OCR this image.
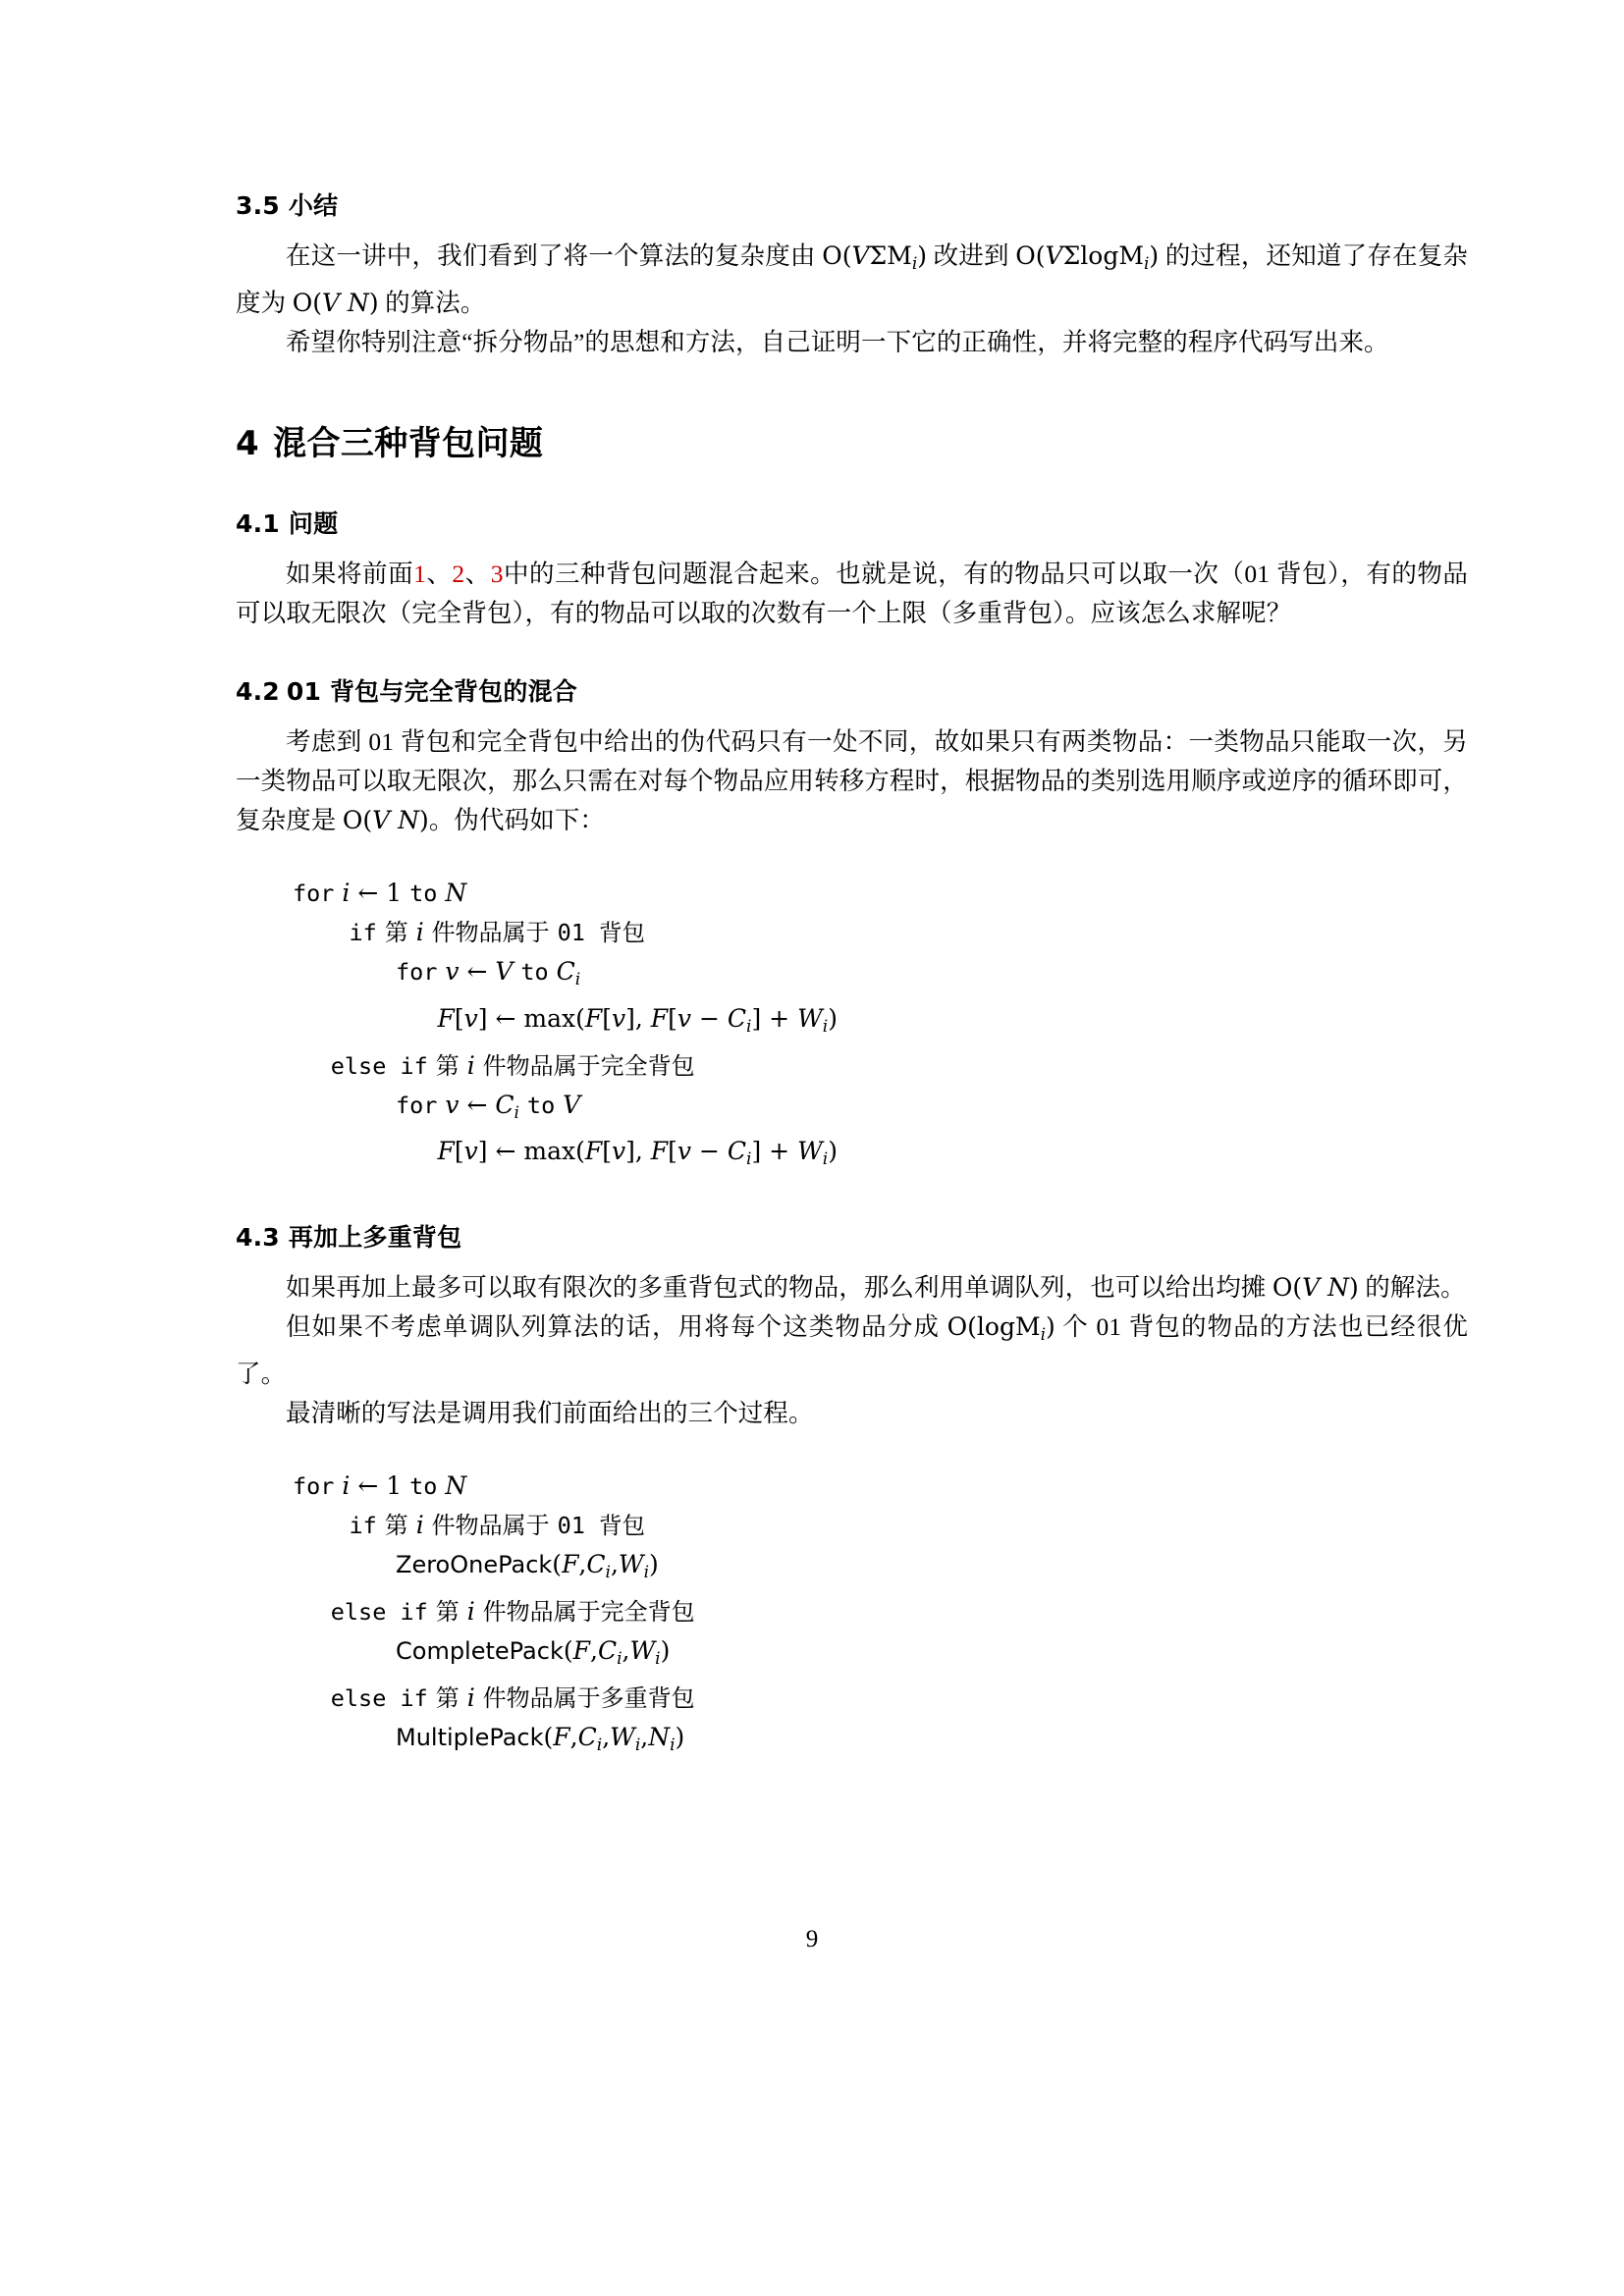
3.5 小结

在这一讲中，我们看到了将一个算法的复杂度由 $O(V\Sigma M_i)$ 改进到 O(VΣlogM$_i$) 的过程，还知道了存在复杂度为 O(V N) 的算法。

希望你特别注意“拆分物品”的思想和方法，自己证明一下它的正确性，并将完整的程序代码写出来。

4 混合三种背包问题
4.1 问题

如果将前面1、2、3中的三种背包问题混合起来。也就是说，有的物品只可以取一次（01 背包），有的物品可以取无限次（完全背包），有的物品可以取的次数有一个上限（多重背包）。应该怎么求解呢？

4.2 01 背包与完全背包的混合

考虑到 01 背包和完全背包中给出的伪代码只有一处不同，故如果只有两类物品：一类物品只能取一次，另一类物品可以取无限次，那么只需在对每个物品应用转移方程时，根据物品的类别选用顺序或逆序的循环即可，复杂度是 O(V N)。伪代码如下：

for i ← 1 to N
if 第 i 件物品属于 01 背包
for v ← V to Ci
F[v] ← max(F[v], F[v − Ci] + Wi)
else if 第 i 件物品属于完全背包
for v ← Ci to V
F[v] ← max(F[v], F[v − Ci] + Wi)
4.3 再加上多重背包

如果再加上最多可以取有限次的多重背包式的物品，那么利用单调队列，也可以给出均摊 O(V N) 的解法。

但如果不考虑单调队列算法的话，用将每个这类物品分成 O(logM$_i$) 个 01 背包的物品的方法也已经很优了。

最清晰的写法是调用我们前面给出的三个过程。

for i ← 1 to N
if 第 i 件物品属于 01 背包
ZeroOnePack(F,Ci,Wi)
else if 第 i 件物品属于完全背包
CompletePack(F,Ci,Wi)
else if 第 i 件物品属于多重背包
MultiplePack(F,Ci,Wi,Ni)
9
